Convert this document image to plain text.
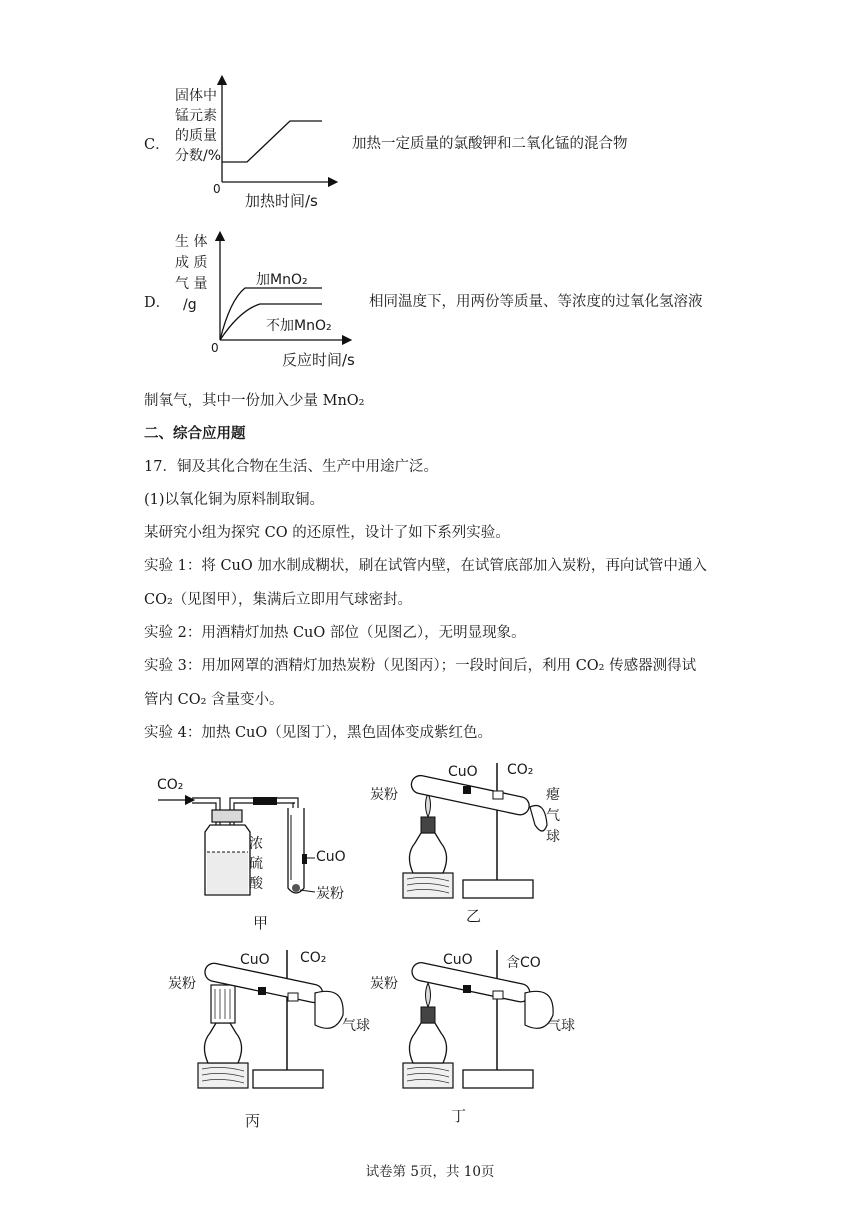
C．
固体中
锰元素
的质量
分数/%
0
加热时间/s
加热一定质量的氯酸钾和二氧化锰的混合物
D．
生 体
成 质
气 量
/g
加MnO₂
不加MnO₂
0
反应时间/s
相同温度下，用两份等质量、等浓度的过氧化氢溶液
制氧气，其中一份加入少量 MnO₂
二、综合应用题
17．铜及其化合物在生活、生产中用途广泛。
(1)以氧化铜为原料制取铜。
某研究小组为探究 CO 的还原性，设计了如下系列实验。
实验 1：将 CuO 加水制成糊状，刷在试管内壁，在试管底部加入炭粉，再向试管中通入
CO₂（见图甲），集满后立即用气球密封。
实验 2：用酒精灯加热 CuO 部位（见图乙），无明显现象。
实验 3：用加网罩的酒精灯加热炭粉（见图丙）；一段时间后，利用 CO₂ 传感器测得试
管内 CO₂ 含量变小。
实验 4：加热 CuO（见图丁），黑色固体变成紫红色。
CO₂
浓
硫
酸
CuO
炭粉
甲
炭粉
CuO CO₂
瘪
气
球
乙
炭粉
CuO CO₂
气球
丙
炭粉
CuO 含CO
气球
丁
试卷第 5页，共 10页
